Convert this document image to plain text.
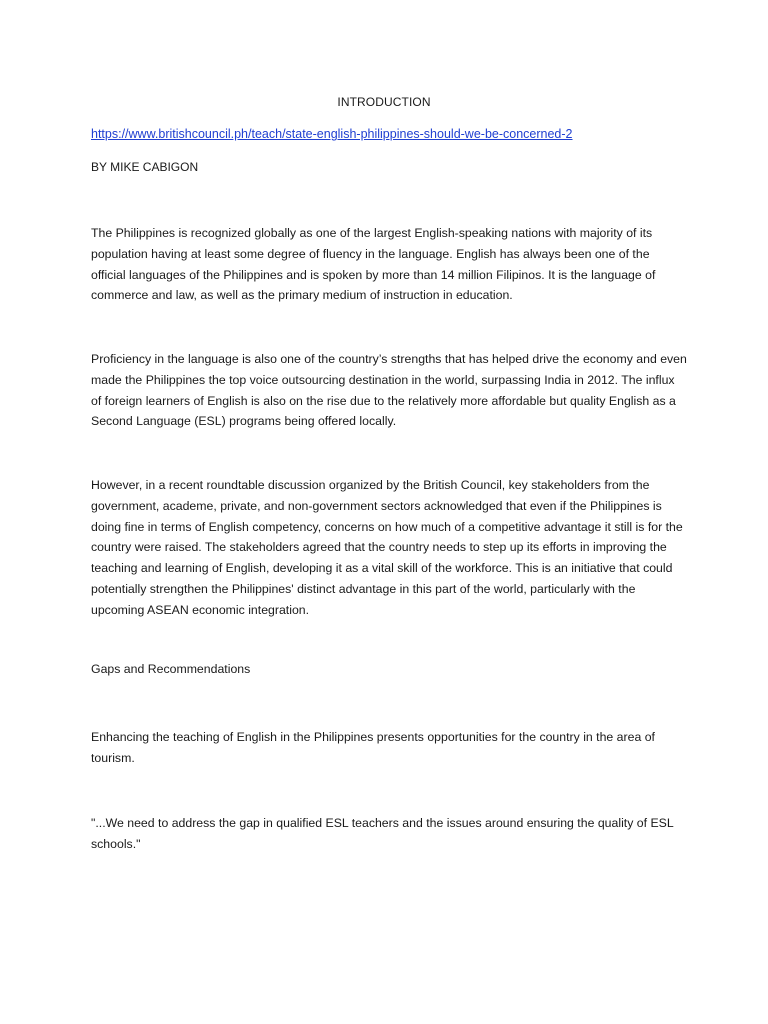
INTRODUCTION
https://www.britishcouncil.ph/teach/state-english-philippines-should-we-be-concerned-2
BY MIKE CABIGON

The Philippines is recognized globally as one of the largest English-speaking nations with majority of its population having at least some degree of fluency in the language. English has always been one of the official languages of the Philippines and is spoken by more than 14 million Filipinos. It is the language of commerce and law, as well as the primary medium of instruction in education.

Proficiency in the language is also one of the country’s strengths that has helped drive the economy and even made the Philippines the top voice outsourcing destination in the world, surpassing India in 2012. The influx of foreign learners of English is also on the rise due to the relatively more affordable but quality English as a Second Language (ESL) programs being offered locally.

However, in a recent roundtable discussion organized by the British Council, key stakeholders from the government, academe, private, and non-government sectors acknowledged that even if the Philippines is doing fine in terms of English competency, concerns on how much of a competitive advantage it still is for the country were raised. The stakeholders agreed that the country needs to step up its efforts in improving the teaching and learning of English, developing it as a vital skill of the workforce. This is an initiative that could potentially strengthen the Philippines' distinct advantage in this part of the world, particularly with the upcoming ASEAN economic integration.

Gaps and Recommendations

Enhancing the teaching of English in the Philippines presents opportunities for the country in the area of tourism.

"...We need to address the gap in qualified ESL teachers and the issues around ensuring the quality of ESL schools."
